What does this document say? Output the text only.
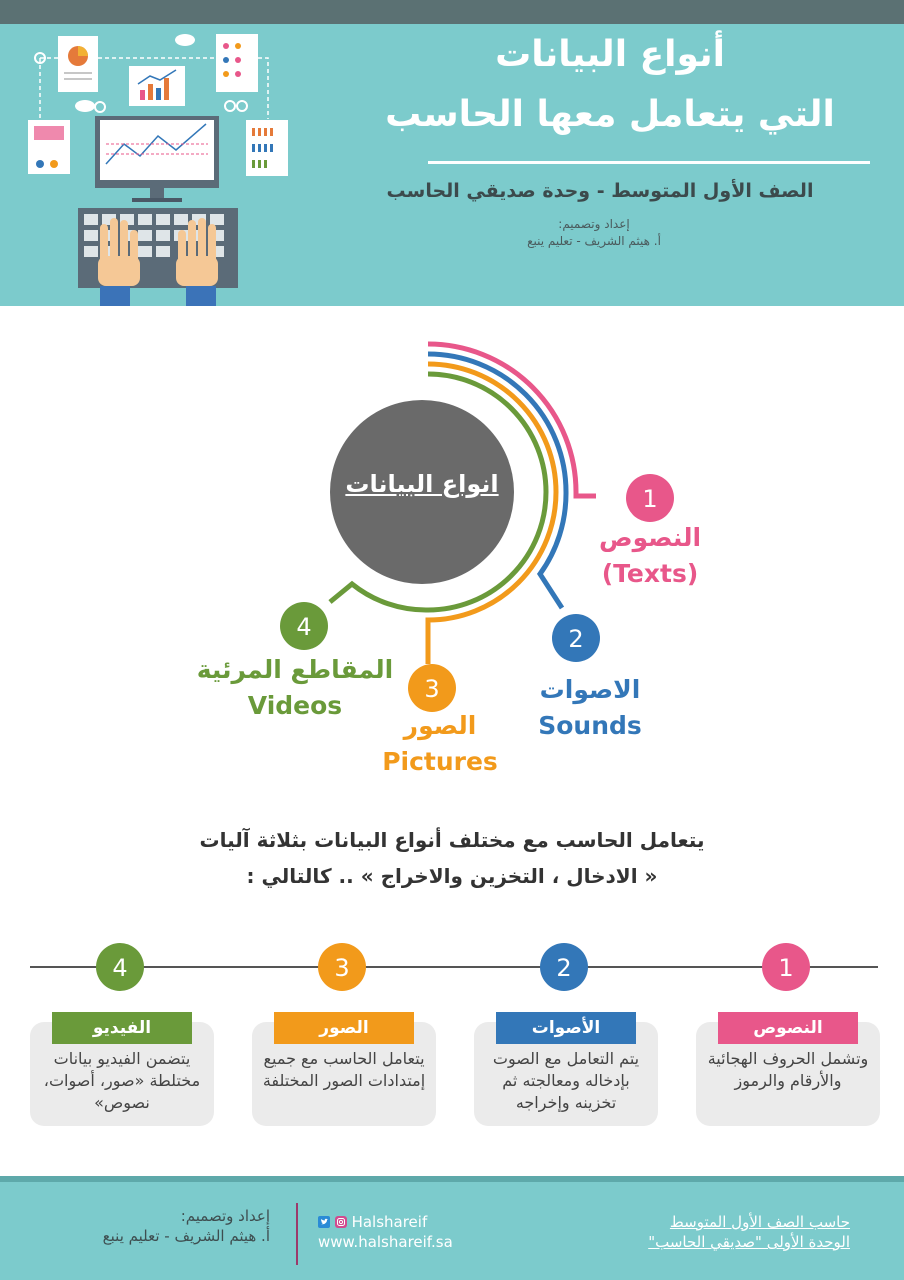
أنواع البيانات
التي يتعامل معها الحاسب
الصف الأول المتوسط - وحدة صديقي الحاسب
إعداد وتصميم:
أ. هيثم الشريف - تعليم ينبع
1
2
3
4
انواع البيانات
النصوص
(Texts)
الاصوات
Sounds
الصور
Pictures
المقاطع المرئية
Videos
يتعامل الحاسب مع مختلف أنواع البيانات بثلاثة آليات
« الادخال ، التخزين والاخراج » .. كالتالي :
1
2
3
4
وتشمل الحروف الهجائية والأرقام والرموز
النصوص
يتم التعامل مع الصوت بإدخاله ومعالجته ثم تخزينه وإخراجه
الأصوات
يتعامل الحاسب مع جميع إمتدادات الصور المختلفة
الصور
يتضمن الفيديو بيانات مختلطة «صور، أصوات، نصوص»
الفيديو
إعداد وتصميم:
أ. هيثم الشريف - تعليم ينبع
Halshareif
www.halshareif.sa
حاسب الصف الأول المتوسط
الوحدة الأولى "صديقي الحاسب"
